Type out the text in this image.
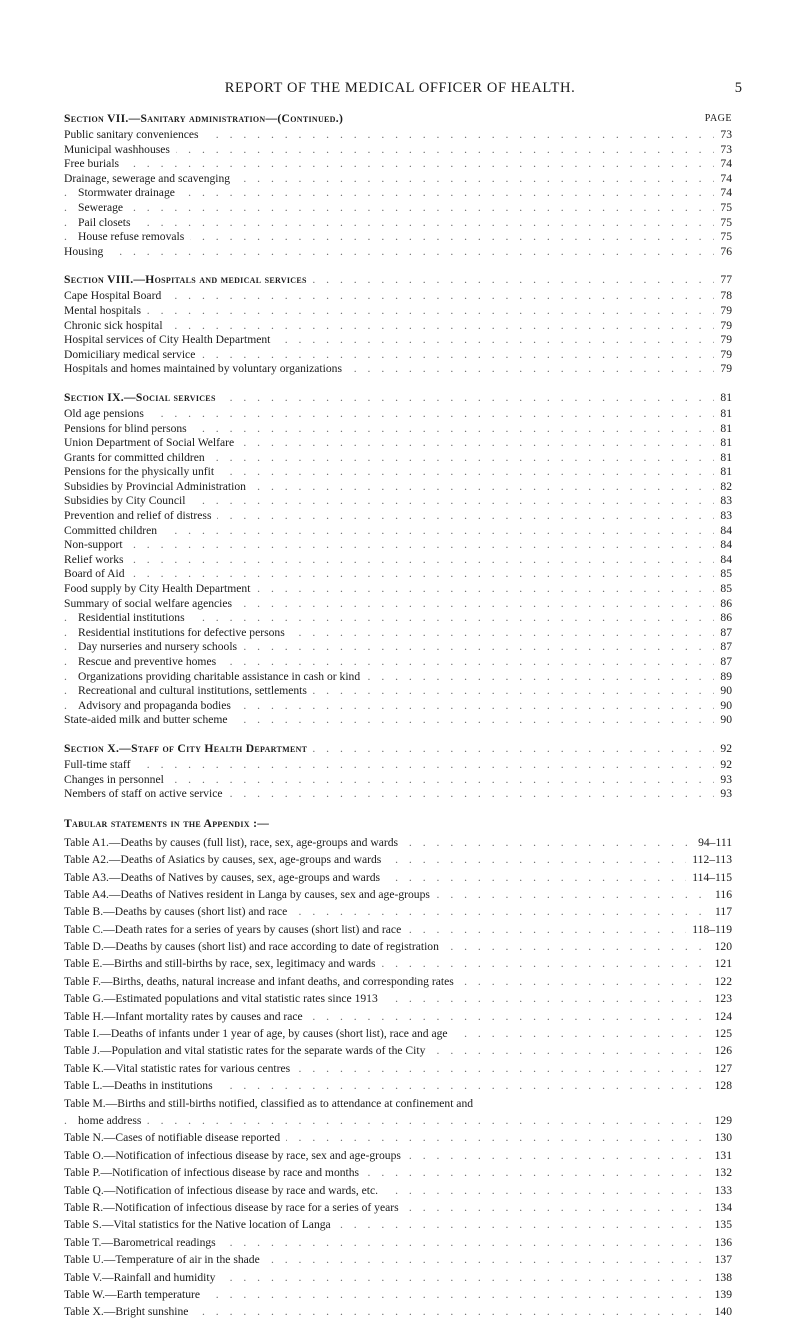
REPORT OF THE MEDICAL OFFICER OF HEALTH.	5
Section VII.—Sanitary administration—(Continued.)	PAGE
. . .
Public sanitary conveniences	73
. . .
Municipal washhouses	73
. . .
Free burials	74
. . .
Drainage, sewerage and scavenging	74
. . .
Stormwater drainage	74
. . .
Sewerage	75
. . .
Pail closets	75
. . .
House refuse removals	75
. . .
Housing	76
. . .
Section VIII.—Hospitals and medical services	77
. . .
Cape Hospital Board	78
. . .
Mental hospitals	79
. . .
Chronic sick hospital	79
. . .
Hospital services of City Health Department	79
. . .
Domiciliary medical service	79
. . .
Hospitals and homes maintained by voluntary organizations	79
. . .
Section IX.—Social services	81
. . .
Old age pensions	81
. . .
Pensions for blind persons	81
. . .
Union Department of Social Welfare	81
. . .
Grants for committed children	81
. . .
Pensions for the physically unfit	81
. . .
Subsidies by Provincial Administration	82
. . .
Subsidies by City Council	83
. . .
Prevention and relief of distress	83
. . .
Committed children	84
. . .
Non-support	84
. . .
Relief works	84
. . .
Board of Aid	85
. . .
Food supply by City Health Department	85
. . .
Summary of social welfare agencies	86
. . .
Residential institutions	86
. . .
Residential institutions for defective persons	87
. . .
Day nurseries and nursery schools	87
. . .
Rescue and preventive homes	87
. . .
Organizations providing charitable assistance in cash or kind	89
. . .
Recreational and cultural institutions, settlements	90
. . .
Advisory and propaganda bodies	90
. . .
State-aided milk and butter scheme	90
. . .
Section X.—Staff of City Health Department	92
. . .
Full-time staff	92
. . .
Changes in personnel	93
. . .
Nembers of staff on active service	93
Tabular statements in the Appendix :—
. . .
Table A1.—Deaths by causes (full list), race, sex, age-groups and wards	94–111
. . .
Table A2.—Deaths of Asiatics by causes, sex, age-groups and wards	112–113
. . .
Table A3.—Deaths of Natives by causes, sex, age-groups and wards	114–115
. . .
Table A4.—Deaths of Natives resident in Langa by causes, sex and age-groups	116
. . .
Table B.—Deaths by causes (short list) and race	117
. . .
Table C.—Death rates for a series of years by causes (short list) and race	118–119
. . .
Table D.—Deaths by causes (short list) and race according to date of registration	120
. . .
Table E.—Births and still-births by race, sex, legitimacy and wards	121
. . .
Table F.—Births, deaths, natural increase and infant deaths, and corresponding rates	122
. . .
Table G.—Estimated populations and vital statistic rates since 1913	123
. . .
Table H.—Infant mortality rates by causes and race	124
. . .
Table I.—Deaths of infants under 1 year of age, by causes (short list), race and age	125
. . .
Table J.—Population and vital statistic rates for the separate wards of the City	126
. . .
Table K.—Vital statistic rates for various centres	127
. . .
Table L.—Deaths in institutions	128
Table M.—Births and still-births notified, classified as to attendance at confinement and
. . .
home address	129
. . .
Table N.—Cases of notifiable disease reported	130
. . .
Table O.—Notification of infectious disease by race, sex and age-groups	131
. . .
Table P.—Notification of infectious disease by race and months	132
. . .
Table Q.—Notification of infectious disease by race and wards, etc.	133
. . .
Table R.—Notification of infectious disease by race for a series of years	134
. . .
Table S.—Vital statistics for the Native location of Langa	135
. . .
Table T.—Barometrical readings	136
. . .
Table U.—Temperature of air in the shade	137
. . .
Table V.—Rainfall and humidity	138
. . .
Table W.—Earth temperature	139
. . .
Table X.—Bright sunshine	140
